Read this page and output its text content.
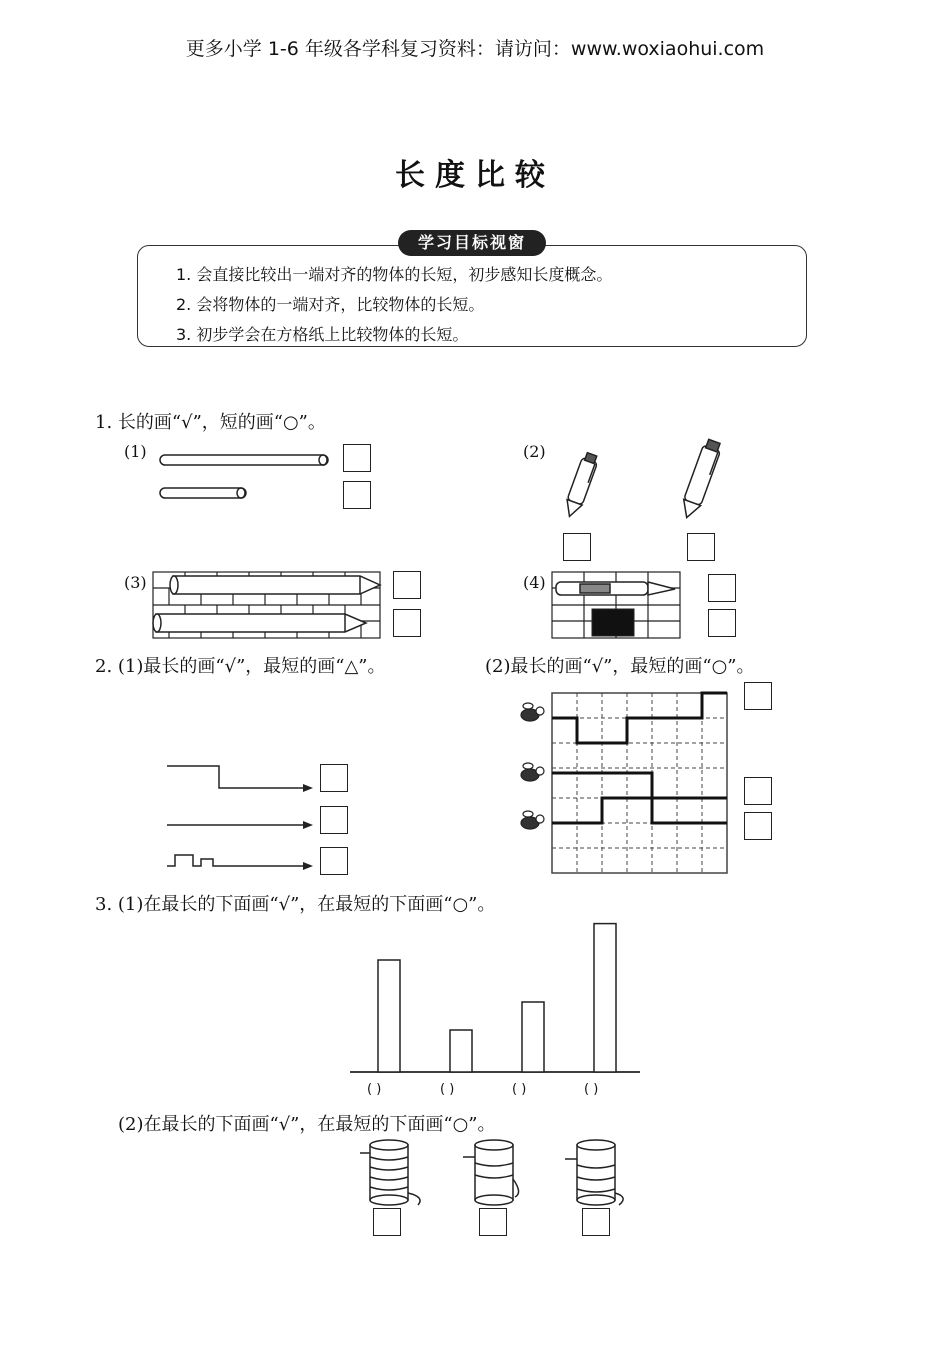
更多小学 1-6 年级各学科复习资料：请访问：www.woxiaohui.com
长度比较
学习目标视窗
1. 会直接比较出一端对齐的物体的长短，初步感知长度概念。
2. 会将物体的一端对齐，比较物体的长短。
3. 初步学会在方格纸上比较物体的长短。
1. 长的画“√”，短的画“○”。
(1)	(2)
(3)	(4)
2. (1)最长的画“√”，最短的画“△”。	(2)最长的画“√”，最短的画“○”。
3. (1)在最长的下面画“√”，在最短的下面画“○”。
( )	( )	( )	( )
(2)在最长的下面画“√”，在最短的下面画“○”。
